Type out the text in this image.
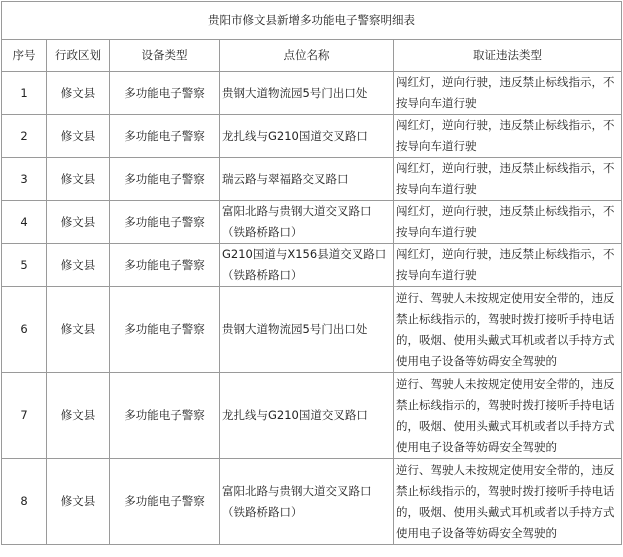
贵阳市修文县新增多功能电子警察明细表				
序号	行政区划	设备类型	点位名称	取证违法类型
1	修文县	多功能电子警察	贵钢大道物流园5号门出口处	闯红灯，逆向行驶，违反禁止标线指示，不按导向车道行驶
2	修文县	多功能电子警察	龙扎线与G210国道交叉路口	闯红灯，逆向行驶，违反禁止标线指示，不按导向车道行驶
3	修文县	多功能电子警察	瑞云路与翠福路交叉路口	闯红灯，逆向行驶，违反禁止标线指示，不按导向车道行驶
4	修文县	多功能电子警察	富阳北路与贵钢大道交叉路口（铁路桥路口）	闯红灯，逆向行驶，违反禁止标线指示，不按导向车道行驶
5	修文县	多功能电子警察	G210国道与X156县道交叉路口（铁路桥路口）	闯红灯，逆向行驶，违反禁止标线指示，不按导向车道行驶
6	修文县	多功能电子警察	贵钢大道物流园5号门出口处	逆行、驾驶人未按规定使用安全带的，违反禁止标线指示的，驾驶时拨打接听手持电话的，吸烟、使用头戴式耳机或者以手持方式使用电子设备等妨碍安全驾驶的
7	修文县	多功能电子警察	龙扎线与G210国道交叉路口	逆行、驾驶人未按规定使用安全带的，违反禁止标线指示的，驾驶时拨打接听手持电话的，吸烟、使用头戴式耳机或者以手持方式使用电子设备等妨碍安全驾驶的
8	修文县	多功能电子警察	富阳北路与贵钢大道交叉路口（铁路桥路口）	逆行、驾驶人未按规定使用安全带的，违反禁止标线指示的，驾驶时拨打接听手持电话的，吸烟、使用头戴式耳机或者以手持方式使用电子设备等妨碍安全驾驶的
